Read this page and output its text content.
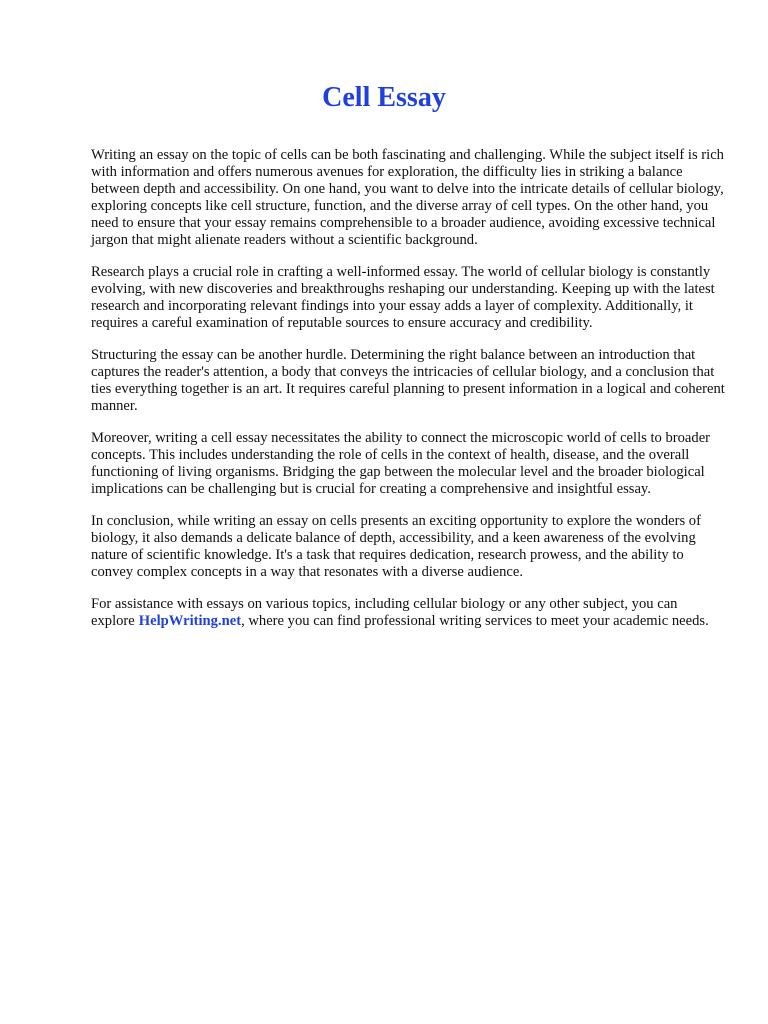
Cell Essay

Writing an essay on the topic of cells can be both fascinating and challenging. While the subject itself is rich with information and offers numerous avenues for exploration, the difficulty lies in striking a balance between depth and accessibility. On one hand, you want to delve into the intricate details of cellular biology, exploring concepts like cell structure, function, and the diverse array of cell types. On the other hand, you need to ensure that your essay remains comprehensible to a broader audience, avoiding excessive technical jargon that might alienate readers without a scientific background.

Research plays a crucial role in crafting a well-informed essay. The world of cellular biology is constantly evolving, with new discoveries and breakthroughs reshaping our understanding. Keeping up with the latest research and incorporating relevant findings into your essay adds a layer of complexity. Additionally, it requires a careful examination of reputable sources to ensure accuracy and credibility.

Structuring the essay can be another hurdle. Determining the right balance between an introduction that captures the reader's attention, a body that conveys the intricacies of cellular biology, and a conclusion that ties everything together is an art. It requires careful planning to present information in a logical and coherent manner.

Moreover, writing a cell essay necessitates the ability to connect the microscopic world of cells to broader concepts. This includes understanding the role of cells in the context of health, disease, and the overall functioning of living organisms. Bridging the gap between the molecular level and the broader biological implications can be challenging but is crucial for creating a comprehensive and insightful essay.

In conclusion, while writing an essay on cells presents an exciting opportunity to explore the wonders of biology, it also demands a delicate balance of depth, accessibility, and a keen awareness of the evolving nature of scientific knowledge. It's a task that requires dedication, research prowess, and the ability to convey complex concepts in a way that resonates with a diverse audience.

For assistance with essays on various topics, including cellular biology or any other subject, you can explore HelpWriting.net, where you can find professional writing services to meet your academic needs.
